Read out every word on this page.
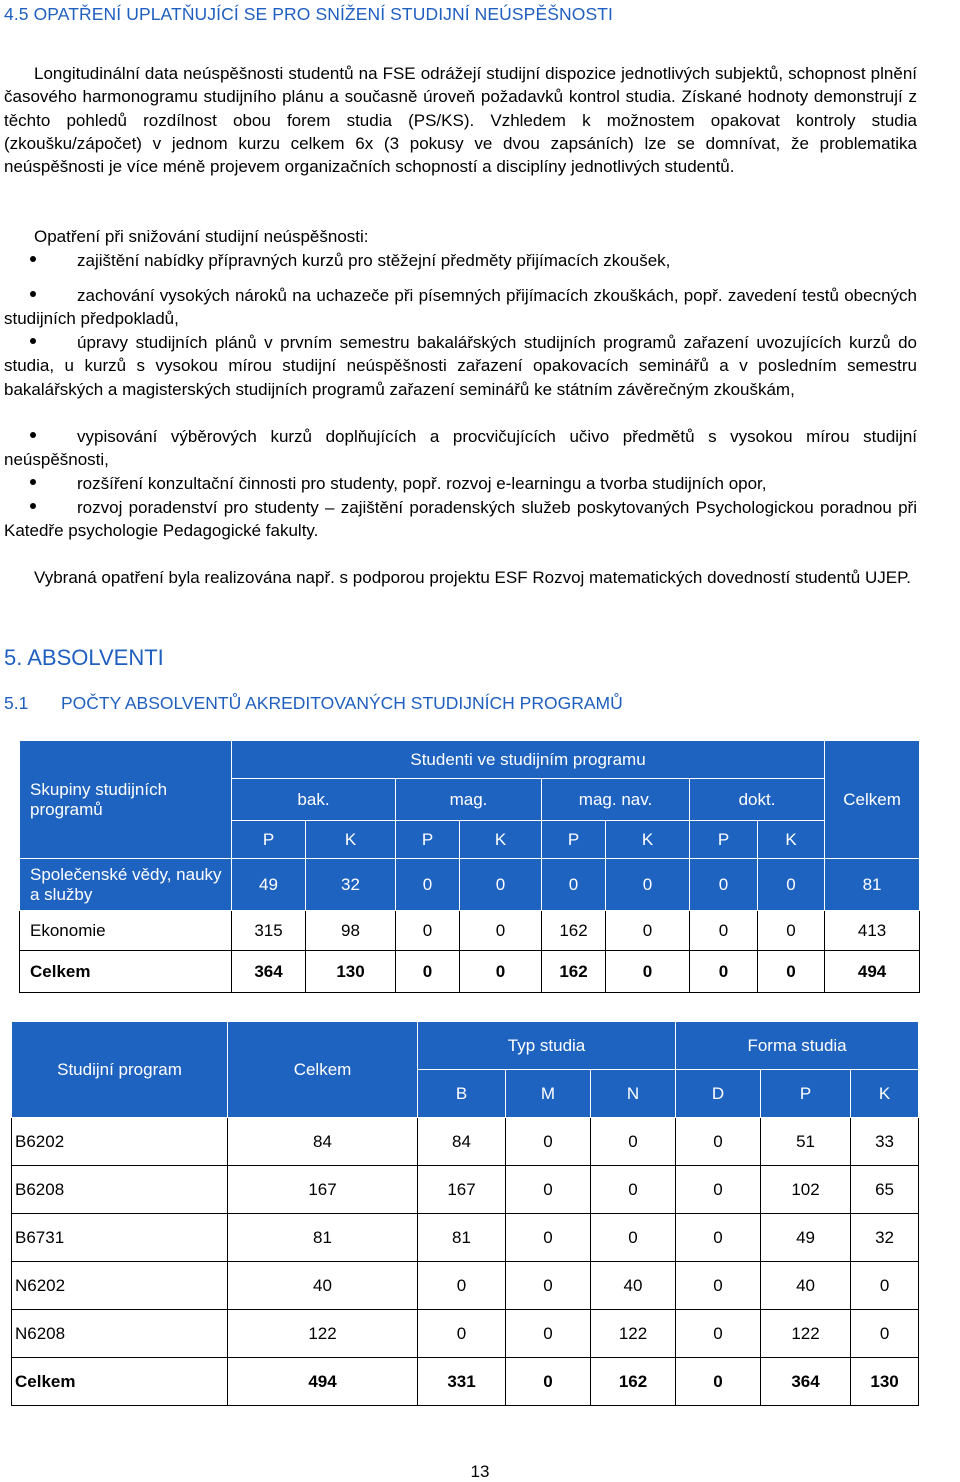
4.5 OPATŘENÍ UPLATŇUJÍCÍ SE PRO SNÍŽENÍ STUDIJNÍ NEÚSPĚŠNOSTI

Longitudinální data neúspěšnosti studentů na FSE odrážejí studijní dispozice jednotlivých subjektů, schopnost plnění časového harmonogramu studijního plánu a současně úroveň požadavků kontrol studia. Získané hodnoty demonstrují z těchto pohledů rozdílnost obou forem studia (PS/KS). Vzhledem k možnostem opakovat kontroly studia (zkoušku/zápočet) v jednom kurzu celkem 6x (3 pokusy ve dvou zapsáních) lze se domnívat, že problematika neúspěšnosti je více méně projevem organizačních schopností a disciplíny jednotlivých studentů.

Opatření při snižování studijní neúspěšnosti:

zajištění nabídky přípravných kurzů pro stěžejní předměty přijímacích zkoušek,

zachování vysokých nároků na uchazeče při písemných přijímacích zkouškách, popř. zavedení testů obecných studijních předpokladů,

úpravy studijních plánů v prvním semestru bakalářských studijních programů zařazení uvozujících kurzů do studia, u kurzů s vysokou mírou studijní neúspěšnosti zařazení opakovacích seminářů a v posledním semestru bakalářských a magisterských studijních programů zařazení seminářů ke státním závěrečným zkouškám,

vypisování výběrových kurzů doplňujících a procvičujících učivo předmětů s vysokou mírou studijní neúspěšnosti,

rozšíření konzultační činnosti pro studenty, popř. rozvoj e-learningu a tvorba studijních opor,

rozvoj poradenství pro studenty – zajištění poradenských služeb poskytovaných Psychologickou poradnou při Katedře psychologie Pedagogické fakulty.

Vybraná opatření byla realizována např. s podporou projektu ESF Rozvoj matematických dovedností studentů UJEP.

5. ABSOLVENTI
5.1 POČTY ABSOLVENTŮ AKREDITOVANÝCH STUDIJNÍCH PROGRAMŮ
Skupiny studijních programů	Studenti ve studijním programu								Celkem
	bak.		mag.		mag. nav.		dokt.		
	P	K	P	K	P	K	P	K	
Společenské vědy, nauky a služby	49	32	0	0	0	0	0	0	81
Ekonomie	315	98	0	0	162	0	0	0	413
Celkem	364	130	0	0	162	0	0	0	494
Studijní program	Celkem	Typ studia			Forma studia		
		B	M	N	D	P	K
B6202	84	84	0	0	0	51	33
B6208	167	167	0	0	0	102	65
B6731	81	81	0	0	0	49	32
N6202	40	0	0	40	0	40	0
N6208	122	0	0	122	0	122	0
Celkem	494	331	0	162	0	364	130
13
